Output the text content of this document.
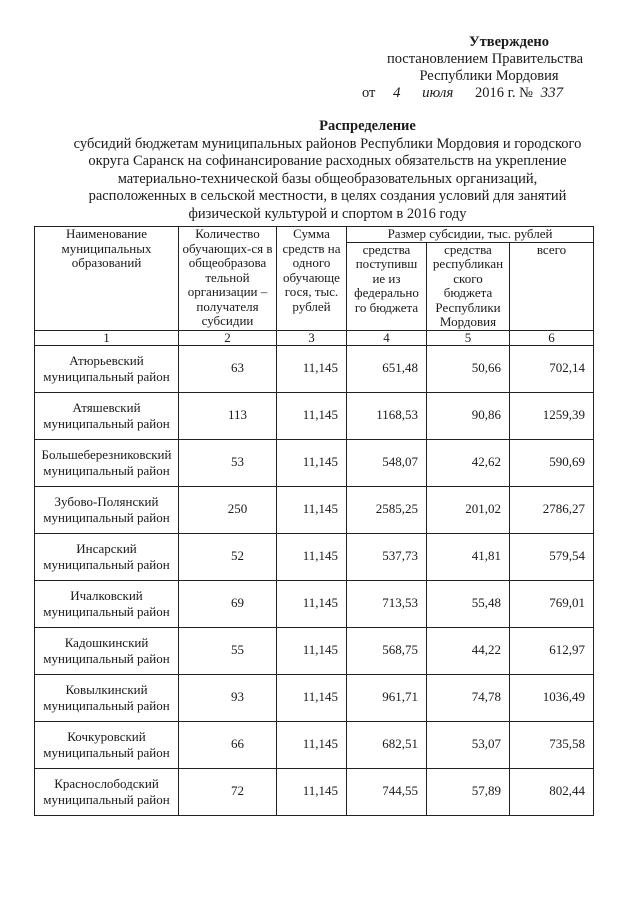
Утверждено
постановлением Правительства
Республики Мордовия
от 4 июля 2016 г. № 337
Распределение
субсидий бюджетам муниципальных районов Республики Мордовия и городского
округа Саранск на софинансирование расходных обязательств на укрепление
материально-технической базы общеобразовательных организаций,
расположенных в сельской местности, в целях создания условий для занятий
физической культурой и спортом в 2016 году
Наименование муниципальных образований	Количество обучающих-ся в общеобразова тельной организации – получателя субсидии	Сумма средств на одного обучающе гося, тыс. рублей	Размер субсидии, тыс. рублей		
			средства поступивш ие из федерально го бюджета	средства республикан ского бюджета Республики Мордовия	всего
1	2	3	4	5	6
Атюрьевский муниципальный район	63	11,145	651,48	50,66	702,14
Атяшевский муниципальный район	113	11,145	1168,53	90,86	1259,39
Большеберезниковский муниципальный район	53	11,145	548,07	42,62	590,69
Зубово-Полянский муниципальный район	250	11,145	2585,25	201,02	2786,27
Инсарский муниципальный район	52	11,145	537,73	41,81	579,54
Ичалковский муниципальный район	69	11,145	713,53	55,48	769,01
Кадошкинский муниципальный район	55	11,145	568,75	44,22	612,97
Ковылкинский муниципальный район	93	11,145	961,71	74,78	1036,49
Кочкуровский муниципальный район	66	11,145	682,51	53,07	735,58
Краснослободский муниципальный район	72	11,145	744,55	57,89	802,44
